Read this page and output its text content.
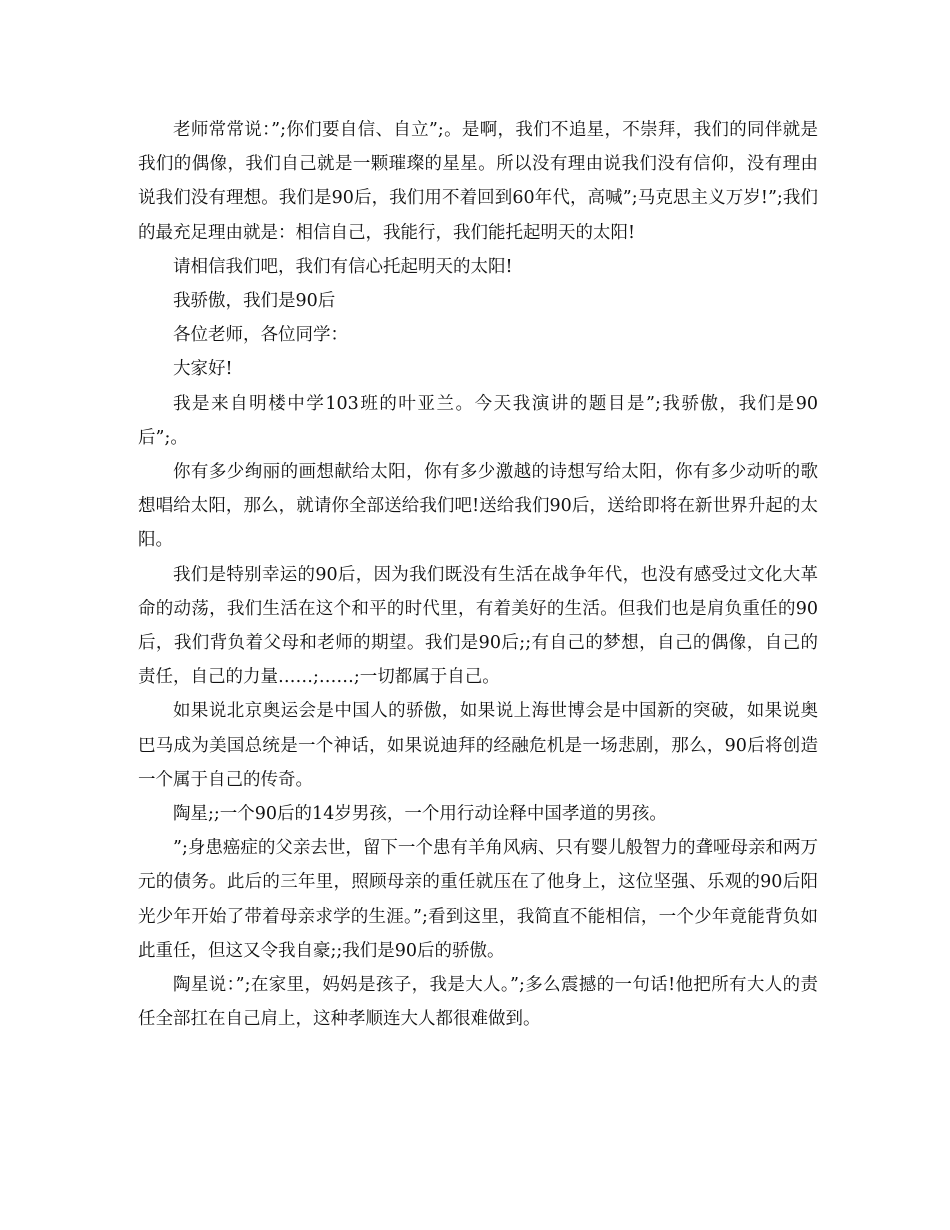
老师常常说：”;你们要自信、自立”;。是啊，我们不追星，不崇拜，我们的同伴就是我们的偶像，我们自己就是一颗璀璨的星星。所以没有理由说我们没有信仰，没有理由说我们没有理想。我们是90后，我们用不着回到60年代，高喊”;马克思主义万岁!”;我们的最充足理由就是：相信自己，我能行，我们能托起明天的太阳!

请相信我们吧，我们有信心托起明天的太阳!

我骄傲，我们是90后

各位老师，各位同学：

大家好!

我是来自明楼中学103班的叶亚兰。今天我演讲的题目是”;我骄傲，我们是90后”;。

你有多少绚丽的画想献给太阳，你有多少激越的诗想写给太阳，你有多少动听的歌想唱给太阳，那么，就请你全部送给我们吧!送给我们90后，送给即将在新世界升起的太阳。

我们是特别幸运的90后，因为我们既没有生活在战争年代，也没有感受过文化大革命的动荡，我们生活在这个和平的时代里，有着美好的生活。但我们也是肩负重任的90后，我们背负着父母和老师的期望。我们是90后;;有自己的梦想，自己的偶像，自己的责任，自己的力量……;……;一切都属于自己。

如果说北京奥运会是中国人的骄傲，如果说上海世博会是中国新的突破，如果说奥巴马成为美国总统是一个神话，如果说迪拜的经融危机是一场悲剧，那么，90后将创造一个属于自己的传奇。

陶星;;一个90后的14岁男孩，一个用行动诠释中国孝道的男孩。

”;身患癌症的父亲去世，留下一个患有羊角风病、只有婴儿般智力的聋哑母亲和两万元的债务。此后的三年里，照顾母亲的重任就压在了他身上，这位坚强、乐观的90后阳光少年开始了带着母亲求学的生涯。”;看到这里，我简直不能相信，一个少年竟能背负如此重任，但这又令我自豪;;我们是90后的骄傲。

陶星说：”;在家里，妈妈是孩子，我是大人。”;多么震撼的一句话!他把所有大人的责任全部扛在自己肩上，这种孝顺连大人都很难做到。
